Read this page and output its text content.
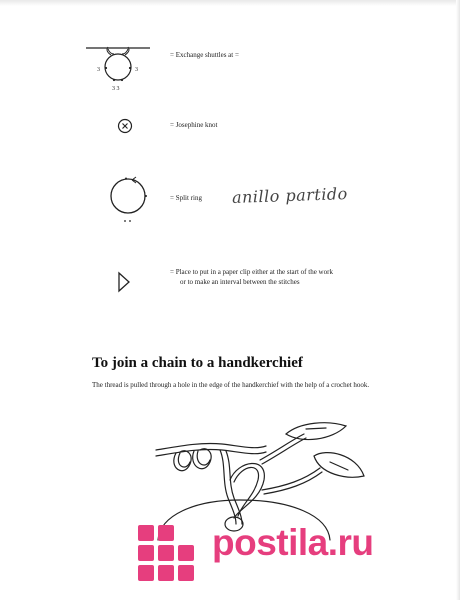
3	3
3 3
= Exchange shuttles at =
= Josephine knot
= Split ring anillo partido
= Place to put in a paper clip either at the start of the work
or to make an interval between the stitches
To join a chain to a handkerchief
The thread is pulled through a hole in the edge of the handkerchief with the help of a crochet hook.
postila.ru
